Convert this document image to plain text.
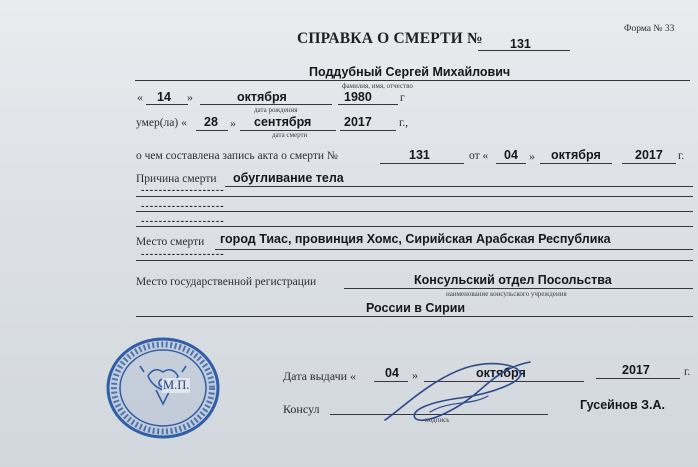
Форма № 33
СПРАВКА О СМЕРТИ № 131
Поддубный Сергей Михайлович
фамилия, имя, отчество
« 14 »	октября	1980 г
дата рождения
умер(ла) « 28 » сентября	2017 г.,
дата смерти
о чем составлена запись акта о смерти №	131	от « 04 » октября	2017 г.
Причина смерти обугливание тела
-------------------
-------------------
-------------------
Место смерти город Тиас, провинция Хомс, Сирийская Арабская Республика
-------------------
Место государственной регистрации	Консульский отдел Посольства
наименование консульского учреждения
России в Сирии
М.П.
Дата выдачи « 04 »	октября	2017	г.
Консул
подпись
Гусейнов З.А.
